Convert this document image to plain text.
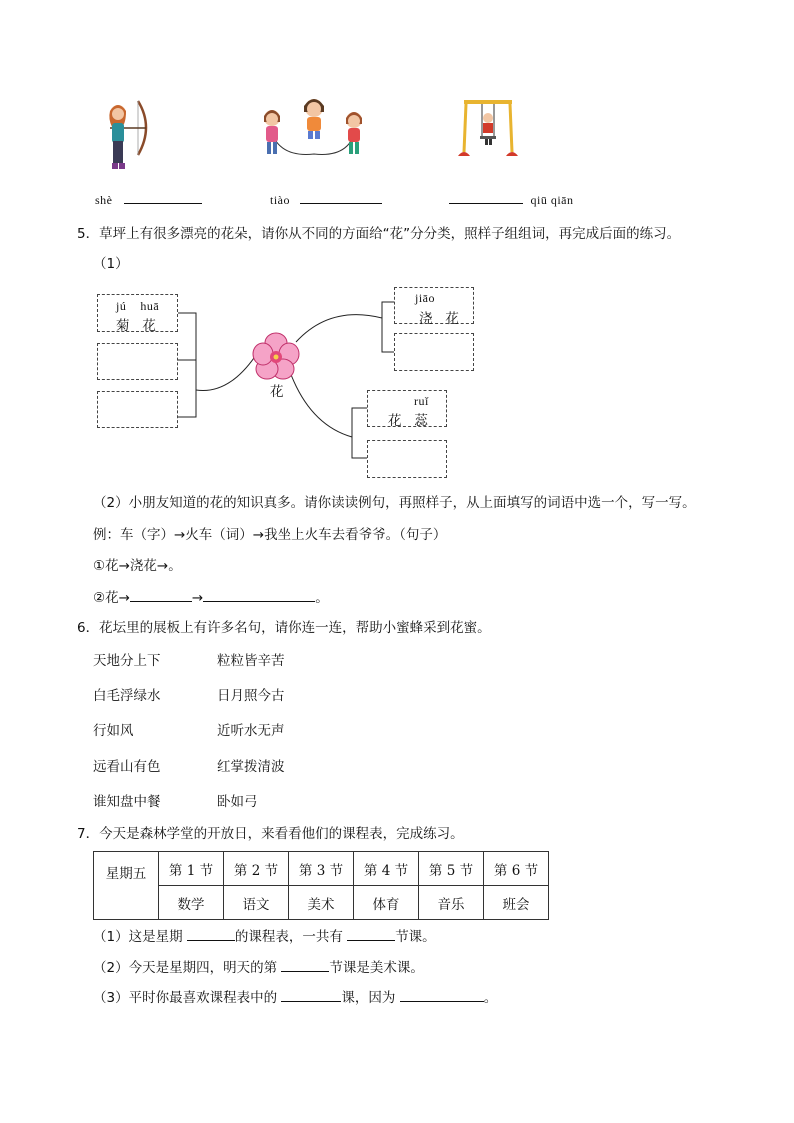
shè	tiào	qiū qiān
5．草坪上有很多漂亮的花朵，请你从不同的方面给“花”分分类，照样子组组词，再完成后面的练习。
（1）
jú    huā
菊   花
花
jiāo
浇   花
ruǐ
花   蕊
（2）小朋友知道的花的知识真多。请你读读例句，再照样子，从上面填写的词语中选一个，写一写。
例：车（字）→火车（词）→我坐上火车去看爷爷。（句子）
①花→浇花→。
②花→	→	。
6．花坛里的展板上有许多名句，请你连一连，帮助小蜜蜂采到花蜜。
天地分上下
白毛浮绿水
行如风
远看山有色
谁知盘中餐
粒粒皆辛苦
日月照今古
近听水无声
红掌拨清波
卧如弓
7．今天是森林学堂的开放日，来看看他们的课程表，完成练习。
星期五	第 1 节	第 2 节	第 3 节	第 4 节	第 5 节	第 6 节
	数学	语文	美术	体育	音乐	班会
（1）这是星期	的课程表，一共有	节课。
（2）今天是星期四，明天的第	节课是美术课。
（3）平时你最喜欢课程表中的	课，因为	。
